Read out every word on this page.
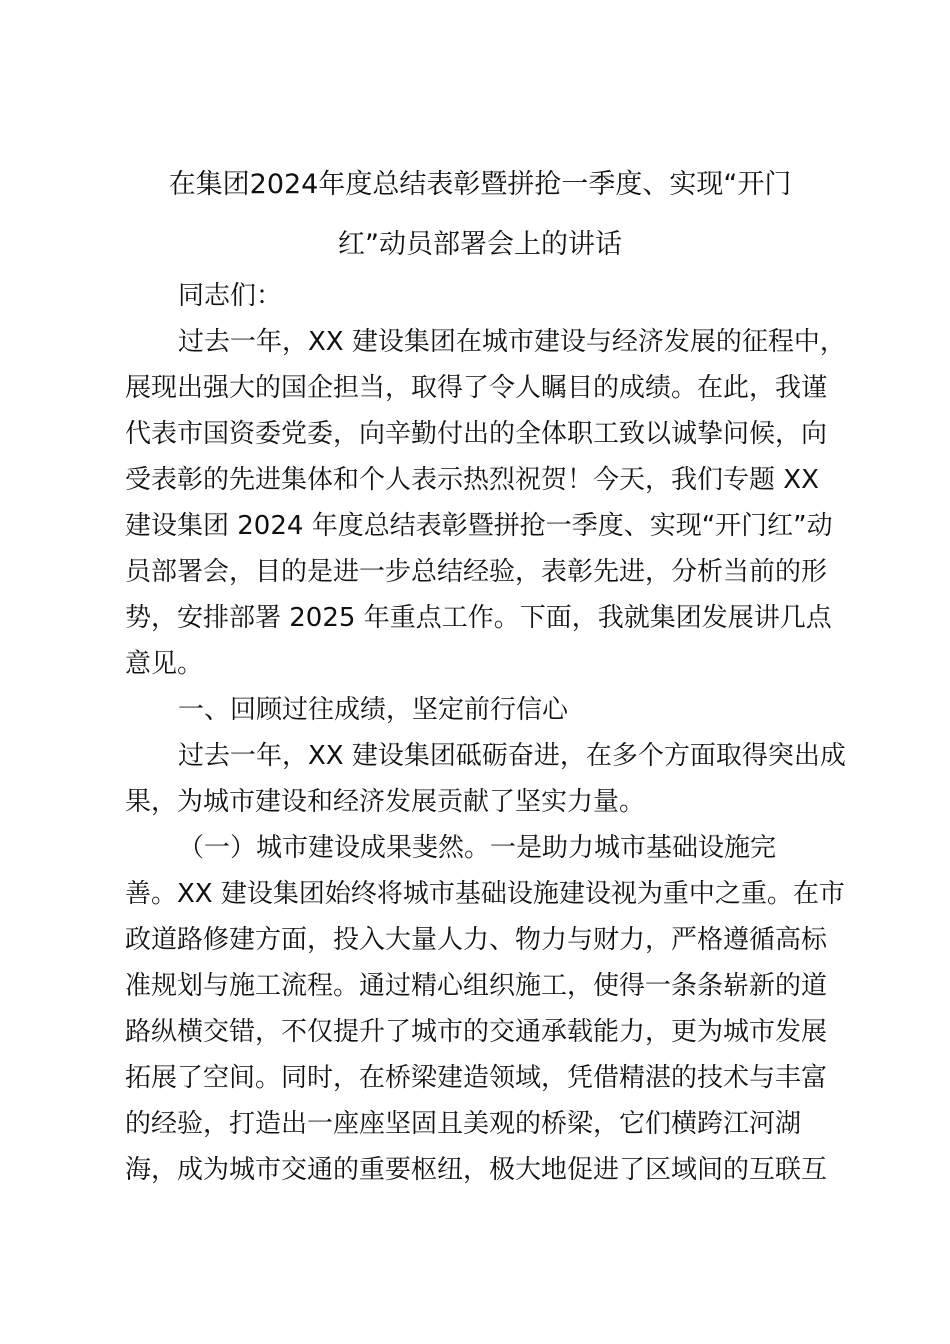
在集团2024年度总结表彰暨拼抢一季度、实现“开门
红”动员部署会上的讲话
同志们：
过去一年，XX 建设集团在城市建设与经济发展的征程中，
展现出强大的国企担当，取得了令人瞩目的成绩。在此，我谨
代表市国资委党委，向辛勤付出的全体职工致以诚挚问候，向
受表彰的先进集体和个人表示热烈祝贺！今天，我们专题 XX
建设集团 2024 年度总结表彰暨拼抢一季度、实现“开门红”动
员部署会，目的是进一步总结经验，表彰先进，分析当前的形
势，安排部署 2025 年重点工作。下面，我就集团发展讲几点
意见。
一、回顾过往成绩，坚定前行信心
过去一年，XX 建设集团砥砺奋进，在多个方面取得突出成
果，为城市建设和经济发展贡献了坚实力量。
（一）城市建设成果斐然。一是助力城市基础设施完
善。XX 建设集团始终将城市基础设施建设视为重中之重。在市
政道路修建方面，投入大量人力、物力与财力，严格遵循高标
准规划与施工流程。通过精心组织施工，使得一条条崭新的道
路纵横交错，不仅提升了城市的交通承载能力，更为城市发展
拓展了空间。同时，在桥梁建造领域，凭借精湛的技术与丰富
的经验，打造出一座座坚固且美观的桥梁，它们横跨江河湖
海，成为城市交通的重要枢纽，极大地促进了区域间的互联互
